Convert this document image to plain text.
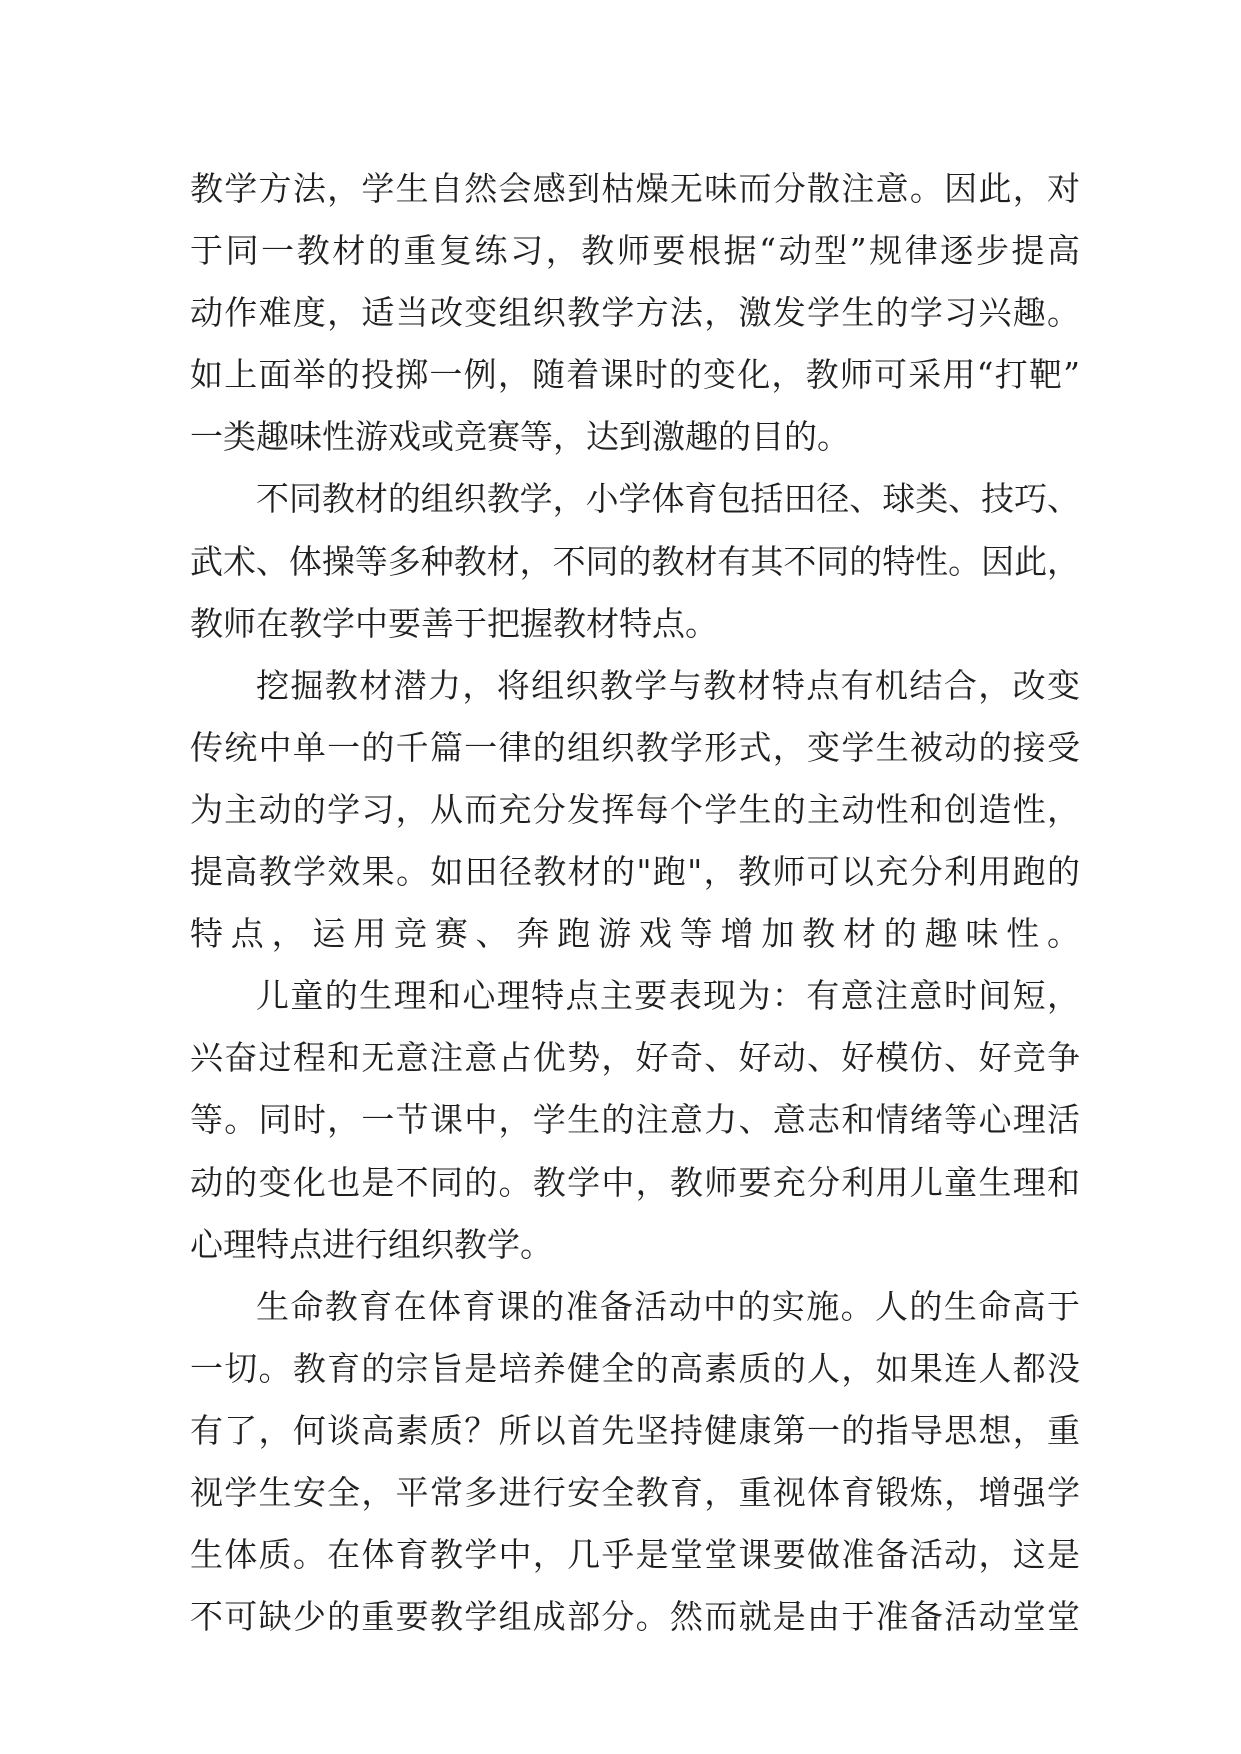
教学方法，学生自然会感到枯燥无味而分散注意。因此，对
于同一教材的重复练习，教师要根据“动型”规律逐步提高
动作难度，适当改变组织教学方法，激发学生的学习兴趣。
如上面举的投掷一例，随着课时的变化，教师可采用“打靶”
一类趣味性游戏或竞赛等，达到激趣的目的。
不同教材的组织教学，小学体育包括田径、球类、技巧、
武术、体操等多种教材，不同的教材有其不同的特性。因此，
教师在教学中要善于把握教材特点。
挖掘教材潜力，将组织教学与教材特点有机结合，改变
传统中单一的千篇一律的组织教学形式，变学生被动的接受
为主动的学习，从而充分发挥每个学生的主动性和创造性，
提高教学效果。如田径教材的"跑"，教师可以充分利用跑的
特点，运用竞赛、奔跑游戏等增加教材的趣味性。
儿童的生理和心理特点主要表现为：有意注意时间短，
兴奋过程和无意注意占优势，好奇、好动、好模仿、好竞争
等。同时，一节课中，学生的注意力、意志和情绪等心理活
动的变化也是不同的。教学中，教师要充分利用儿童生理和
心理特点进行组织教学。
生命教育在体育课的准备活动中的实施。人的生命高于
一切。教育的宗旨是培养健全的高素质的人，如果连人都没
有了，何谈高素质？所以首先坚持健康第一的指导思想，重
视学生安全，平常多进行安全教育，重视体育锻炼，增强学
生体质。在体育教学中，几乎是堂堂课要做准备活动，这是
不可缺少的重要教学组成部分。然而就是由于准备活动堂堂
